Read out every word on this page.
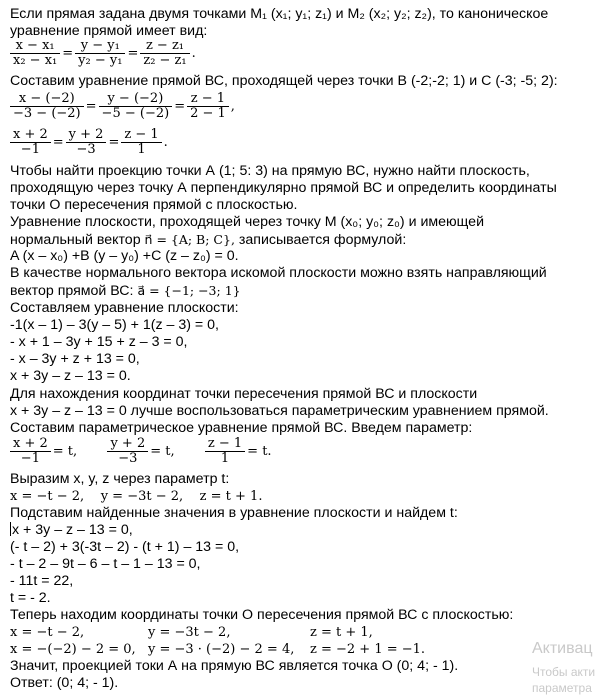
Если прямая задана двумя точками M₁ (x₁; y₁; z₁) и M₂ (x₂; y₂; z₂), то каноническое
уравнение прямой имеет вид:
$\frac{\text{x − x₁}}{\text{x₂ − x₁}} = \frac{\text{y − y₁}}{\text{y₂ − y₁}} = \frac{\text{z − z₁}}{\text{z₂ − z₁}}$ .
Составим уравнение прямой ВС, проходящей через точки В (-2;-2; 1) и С (-3; -5; 2):
$\frac{x - (-2)}{-3 - (-2)} = \frac{y - (-2)}{-5 - (-2)} = \frac{z - 1}{2 - 1}$ ,
$\frac{x + 2}{-1} = \frac{y + 2}{-3} = \frac{z - 1}{1}$ .
Чтобы найти проекцию точки А (1; 5: 3) на прямую ВС, нужно найти плоскость,
проходящую через точку А перпендикулярно прямой ВС и определить координаты
точки О пересечения прямой с плоскостью.
Уравнение плоскости, проходящей через точку М (x₀; y₀; z₀) и имеющей
нормальный вектор n⃗ = {A; B; C}, записывается формулой:
A (x – x₀) +B (y – y₀) +C (z – z₀) = 0.
В качестве нормального вектора искомой плоскости можно взять направляющий
вектор прямой ВС: a⃗ = {−1; −3; 1}
Составляем уравнение плоскости:
-1(x – 1) – 3(y – 5) + 1(z – 3) = 0,
- x + 1 – 3y + 15 + z – 3 = 0,
- x – 3y + z + 13 = 0,
x + 3y – z – 13 = 0.
Для нахождения координат точки пересечения прямой ВС и плоскости
x + 3y – z – 13 = 0 лучше воспользоваться параметрическим уравнением прямой.
Составим параметрическое уравнение прямой ВС. Введем параметр:
$\frac{x + 2}{-1} = t$, $\frac{y + 2}{-3} = t$, $\frac{z - 1}{1} = t$.
Выразим x, y, z через параметр t:
x = −t − 2,    y = −3t − 2,    z = t + 1.
Подставим найденные значения в уравнение плоскости и найдем t:
x + 3y – z – 13 = 0,
(- t – 2) + 3(-3t – 2) - (t + 1) – 13 = 0,
- t – 2 – 9t – 6 – t – 1 – 13 = 0,
- 11t = 22,
t = - 2.
Теперь находим координаты точки О пересечения прямой ВС с плоскостью:
x = −t − 2,	y = −3t − 2,	z = t + 1,
x = −(−2) − 2 = 0, y = −3 · (−2) − 2 = 4, z = −2 + 1 = −1.
Значит, проекцией токи А на прямую ВС является точка О (0; 4; - 1).
Ответ: (0; 4; - 1).
Активац
Чтобы акти
параметра
